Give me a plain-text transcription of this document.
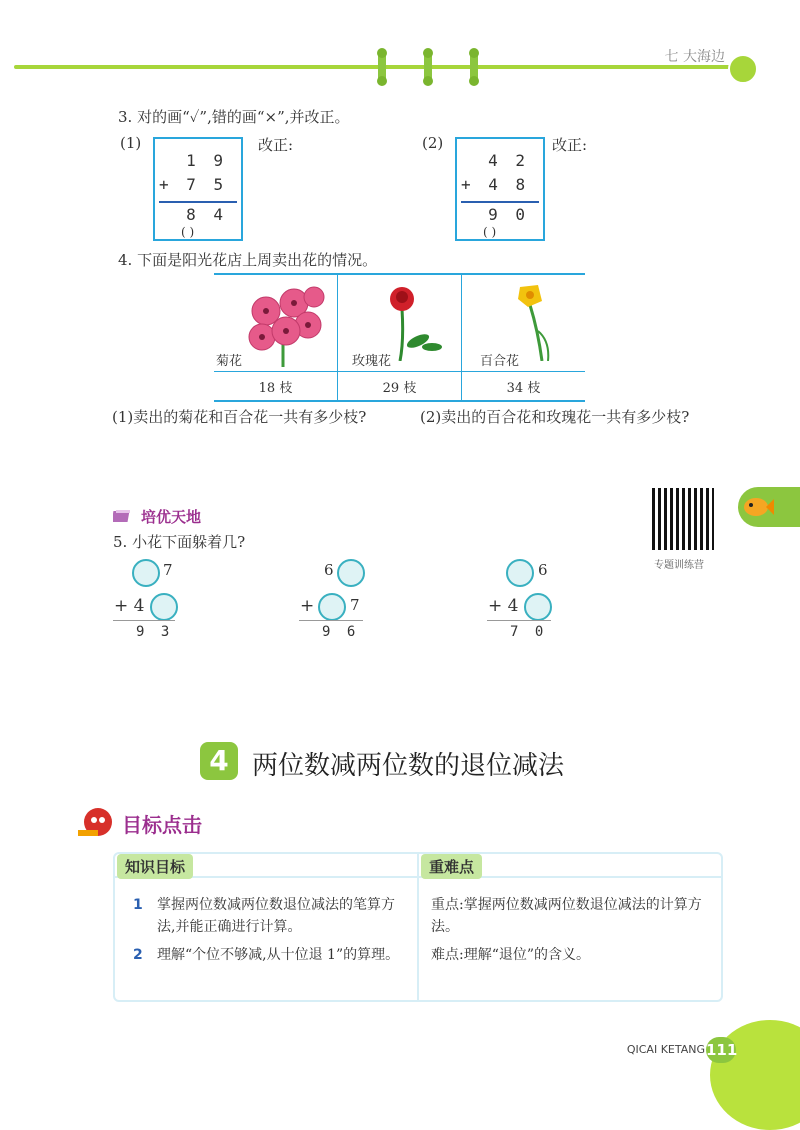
七 大海边
3. 对的画“✓”,错的画“×”,并改正。
(1)
1 9
+ 7 5
8 4
( )
改正:	(2)
4 2
+ 4 8
9 0
( )
改正:
4. 下面是阳光花店上周卖出花的情况。
菊花	玫瑰花	百合花

18 枝	29 枝	34 枝
(1)卖出的菊花和百合花一共有多少枝?	(2)卖出的百合花和玫瑰花一共有多少枝?
专题训练营
培优天地
5. 小花下面躲着几?
7
+ 4
9 3
6
+ 7
9 6
6
+ 4
7 0
4 两位数减两位数的退位减法
目标点击
知识目标	重难点
1 掌握两位数减两位数退位减法的笔算方法,并能正确进行计算。
2 理解“个位不够减,从十位退 1”的算理。
重点:掌握两位数减两位数退位减法的计算方法。
难点:理解“退位”的含义。
QICAI KETANG 111
